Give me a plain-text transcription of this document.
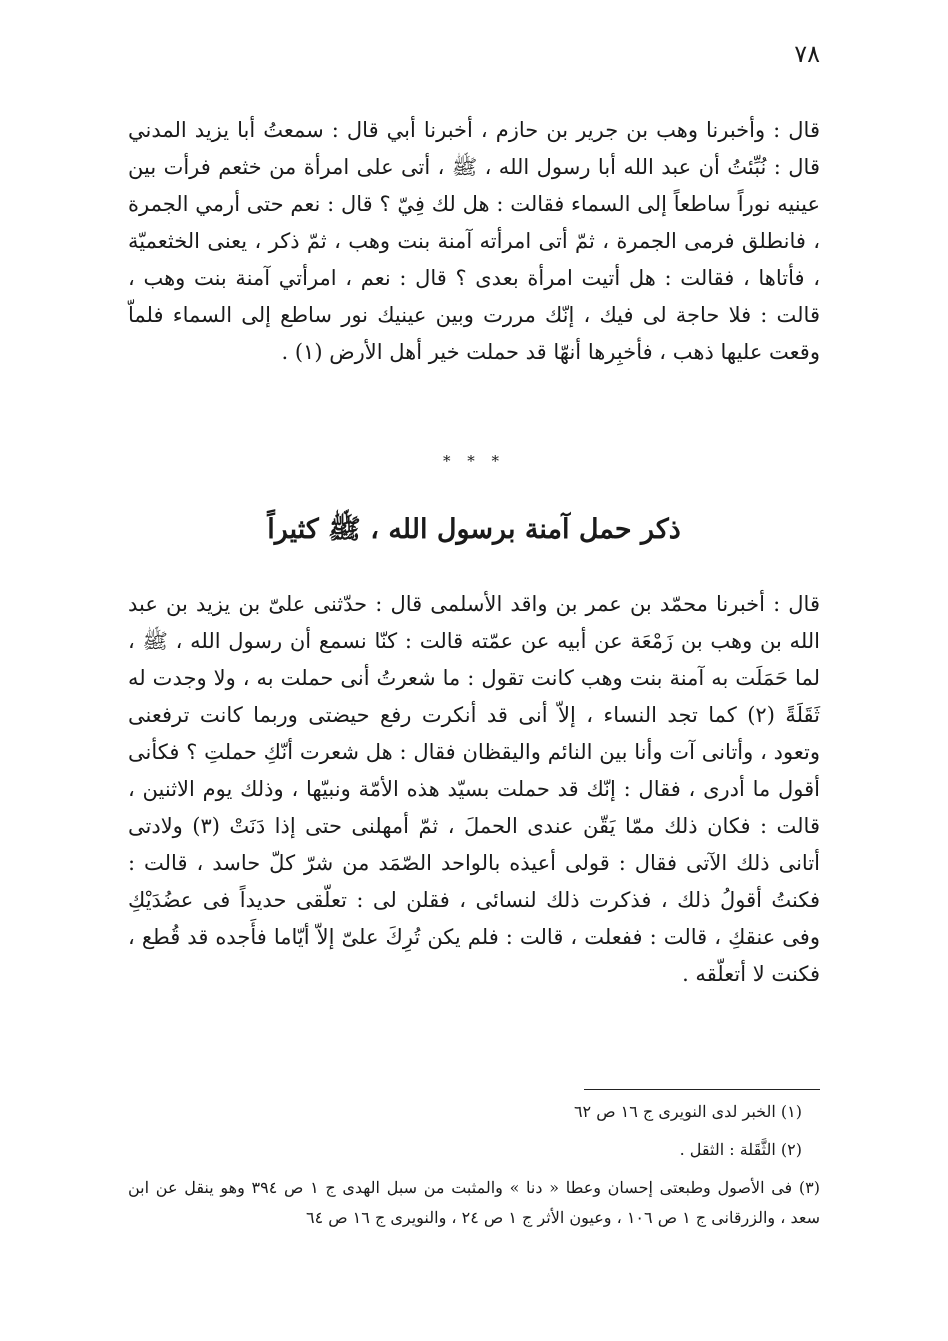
٧٨

قال : وأخبرنا وهب بن جرير بن حازم ، أخبرنا أبي قال : سمعتُ أبا يزيد المدني قال : نُبِّئتُ أن عبد الله أبا رسول الله ، ﷺ ، أتى على امرأة من خثعم فرأت بين عينيه نوراً ساطعاً إلى السماء فقالت : هل لك فِيّ ؟ قال : نعم حتى أرمي الجمرة ، فانطلق فرمى الجمرة ، ثمّ أتى امرأته آمنة بنت وهب ، ثمّ ذكر ، يعنى الخثعميّة ، فأتاها ، فقالت : هل أتيت امرأة بعدى ؟ قال : نعم ، امرأتي آمنة بنت وهب ، قالت : فلا حاجة لى فيك ، إنّك مررت وبين عينيك نور ساطع إلى السماء فلماّ وقعت عليها ذهب ، فأخبِرها أنهّا قد حملت خير أهل الأرض (١) .

* * *
ذكر حمل آمنة برسول الله ، ﷺ كثيراً

قال : أخبرنا محمّد بن عمر بن واقد الأسلمى قال : حدّثنى علىّ بن يزيد بن عبد الله بن وهب بن زَمْعَة عن أبيه عن عمّته قالت : كنّا نسمع أن رسول الله ، ﷺ ، لما حَمَلَت به آمنة بنت وهب كانت تقول : ما شعرتُ أنى حملت به ، ولا وجدت له ثَقَلَةً (٢) كما تجد النساء ، إلاّ أنى قد أنكرت رفع حيضتى وربما كانت ترفعنى وتعود ، وأتانى آت وأنا بين النائم واليقظان فقال : هل شعرت أنّكِ حملتِ ؟ فكأنى أقول ما أدرى ، فقال : إنّك قد حملت بسيّد هذه الأمّة ونبيّها ، وذلك يوم الاثنين ، قالت : فكان ذلك ممّا يَقّن عندى الحملَ ، ثمّ أمهلنى حتى إذا دَنَتْ (٣) ولادتى أتانى ذلك الآتى فقال : قولى أعيذه بالواحد الصّمَد من شرّ كلّ حاسد ، قالت : فكنتُ أقولُ ذلك ، فذكرت ذلك لنسائى ، فقلن لى : تعلّقى حديداً فى عضُدَيْكِ وفى عنقكِ ، قالت : ففعلت ، قالت : فلم يكن تُرِكَ علىّ إلاّ أيّاما فأَجده قد قُطع ، فكنت لا أتعلّقه .

(١) الخبر لدى النويرى ج ١٦ ص ٦٢

(٢) الثَّقَلة : الثقل .

(٣) فى الأصول وطبعتى إحسان وعطا « دنا » والمثبت من سبل الهدى ج ١ ص ٣٩٤ وهو ينقل عن ابن سعد ، والزرقانى ج ١ ص ١٠٦ ، وعيون الأثر ج ١ ص ٢٤ ، والنويرى ج ١٦ ص ٦٤
